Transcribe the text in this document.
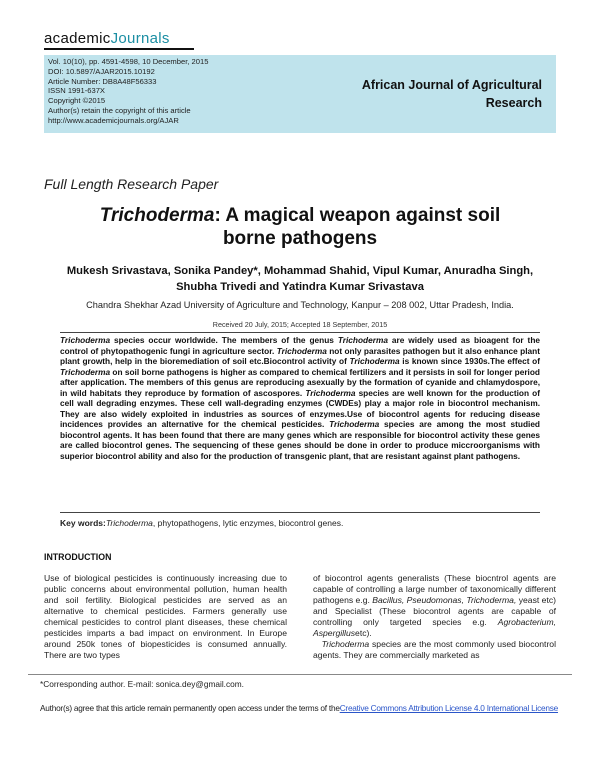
academicJournals
Vol. 10(10), pp. 4591-4598, 10 December, 2015
DOI: 10.5897/AJAR2015.10192
Article Number: DB8A48F56333
ISSN 1991-637X
Copyright ©2015
Author(s) retain the copyright of this article
http://www.academicjournals.org/AJAR
African Journal of Agricultural
Research
Full Length Research Paper
Trichoderma: A magical weapon against soil
borne pathogens
Mukesh Srivastava, Sonika Pandey*, Mohammad Shahid, Vipul Kumar, Anuradha Singh,
Shubha Trivedi and Yatindra Kumar Srivastava
Chandra Shekhar Azad University of Agriculture and Technology, Kanpur – 208 002, Uttar Pradesh, India.
Received 20 July, 2015; Accepted 18 September, 2015
Trichoderma species occur worldwide. The members of the genus Trichoderma are widely used as bioagent for the control of phytopathogenic fungi in agriculture sector. Trichoderma not only parasites pathogen but it also enhance plant plant growth, help in the bioremediation of soil etc.Biocontrol activity of Trichoderma is known since 1930s.The effect of Trichoderma on soil borne pathogens is higher as compared to chemical fertilizers and it persists in soil for longer period after application. The members of this genus are reproducing asexually by the formation of cyanide and chlamydospore, in wild habitats they reproduce by formation of ascospores. Trichoderma species are well known for the production of cell wall degrading enzymes. These cell wall-degrading enzymes (CWDEs) play a major role in biocontrol mechanism. They are also widely exploited in industries as sources of enzymes.Use of biocontrol agents for reducing disease incidences provides an alternative for the chemical pesticides. Trichoderma species are among the most studied biocontrol agents. It has been found that there are many genes which are responsible for biocontrol activity these genes are called biocontrol genes. The sequencing of these genes should be done in order to produce miccroorganisms with superior biocontrol ability and also for the production of transgenic plant, that are resistant against plant pathogens.
Key words:Trichoderma, phytopathogens, lytic enzymes, biocontrol genes.
INTRODUCTION
Use of biological pesticides is continuously increasing due to public concerns about environmental pollution, human health and soil fertility. Biological pesticides are served as an alternative to chemical pesticides. Farmers generally use chemical pesticides to control plant diseases, these chemical pesticides imparts a bad impact on environment. In Europe around 250k tones of biopesticides is consumed annually. There are two types
of biocontrol agents generalists (These biocntrol agents are capable of controlling a large number of taxonomically different pathogens e.g. Bacillus, Pseudomonas, Trichoderma, yeast etc) and Specialist (These biocontrol agents are capable of controlling only targeted species e.g. Agrobacterium, Aspergillusetc).
 Trichoderma species are the most commonly used biocontrol agents. They are commercially marketed as
*Corresponding author. E-mail: sonica.dey@gmail.com.
Author(s) agree that this article remain permanently open access under the terms of theCreative Commons Attribution License 4.0 International License
